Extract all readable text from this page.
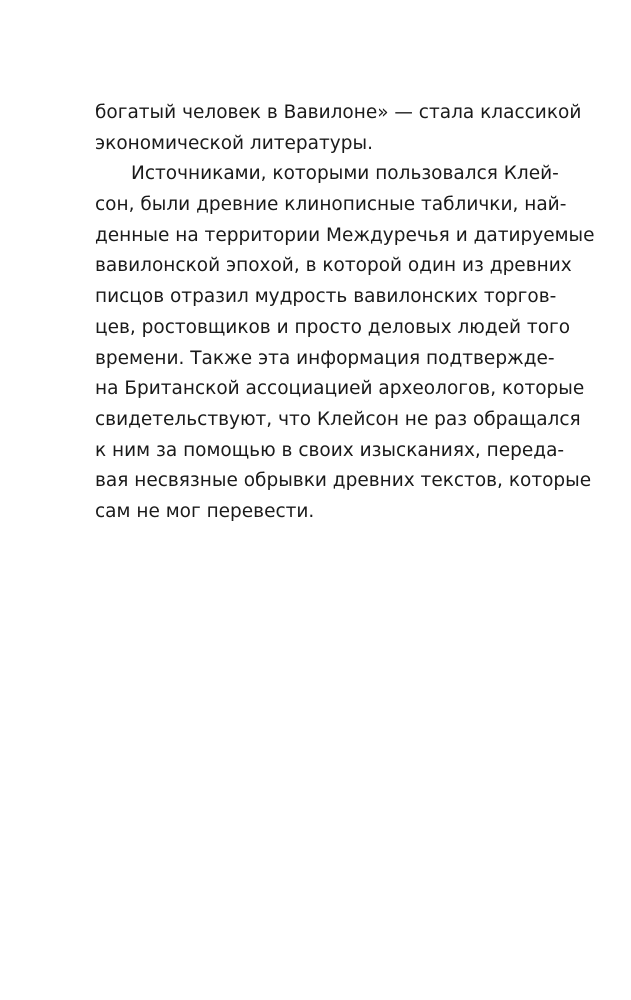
богатый человек в Вавилоне» — стала классикой
экономической литературы.
Источниками, которыми пользовался Клей-
сон, были древние клинописные таблички, най-
денные на территории Междуречья и датируемые
вавилонской эпохой, в которой один из древних
писцов отразил мудрость вавилонских торгов-
цев, ростовщиков и просто деловых людей того
времени. Также эта информация подтвержде-
на Британской ассоциацией археологов, которые
свидетельствуют, что Клейсон не раз обращался
к ним за помощью в своих изысканиях, переда-
вая несвязные обрывки древних текстов, которые
сам не мог перевести.
